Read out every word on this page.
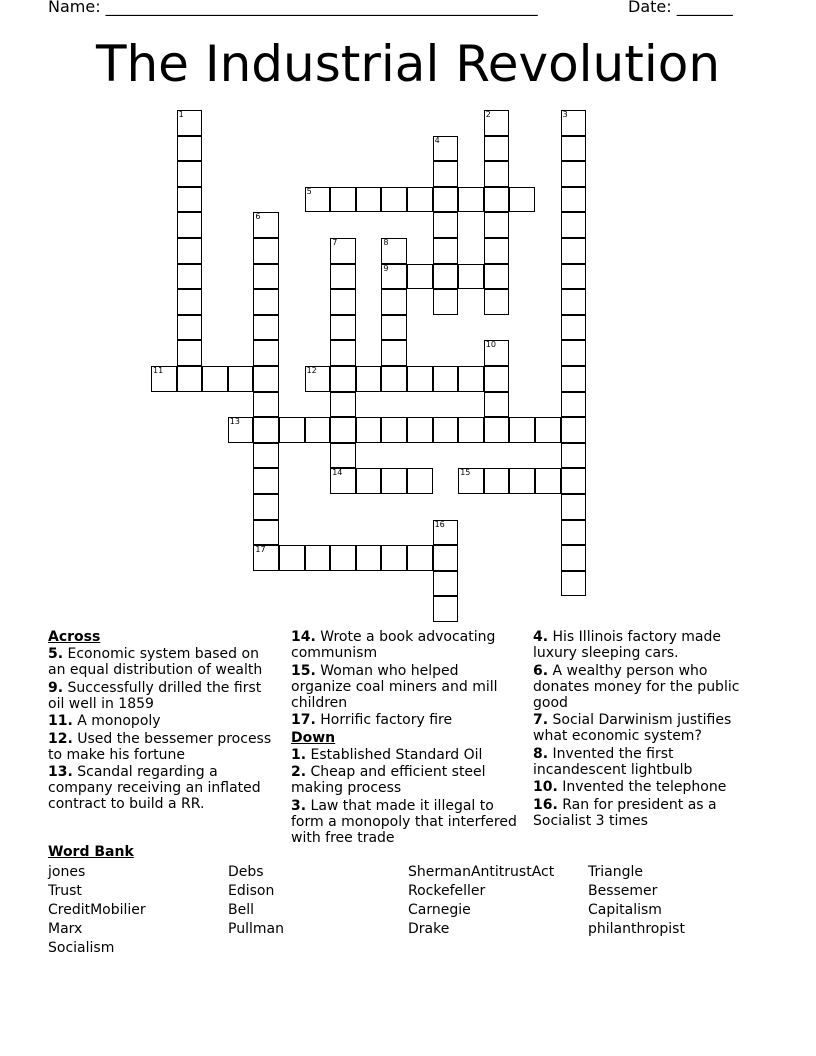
Name: ______________________________________________________	Date: _______
The Industrial Revolution
1	2	3
4
5
6
17
7
14
8
9
10
11	12
13
15
16
Across
5. Economic system based on an equal distribution of wealth
9. Successfully drilled the first oil well in 1859
11. A monopoly
12. Used the bessemer process to make his fortune
13. Scandal regarding a company receiving an inflated contract to build a RR.
14. Wrote a book advocating communism
15. Woman who helped organize coal miners and mill children
17. Horrific factory fire
Down
1. Established Standard Oil
2. Cheap and efficient steel making process
3. Law that made it illegal to form a monopoly that interfered with free trade
4. His Illinois factory made luxury sleeping cars.
6. A wealthy person who donates money for the public good
7. Social Darwinism justifies what economic system?
8. Invented the first incandescent lightbulb
10. Invented the telephone
16. Ran for president as a Socialist 3 times
Word Bank
jones
Trust
CreditMobilier
Marx
Socialism
Debs
Edison
Bell
Pullman
ShermanAntitrustAct
Rockefeller
Carnegie
Drake
Triangle
Bessemer
Capitalism
philanthropist
